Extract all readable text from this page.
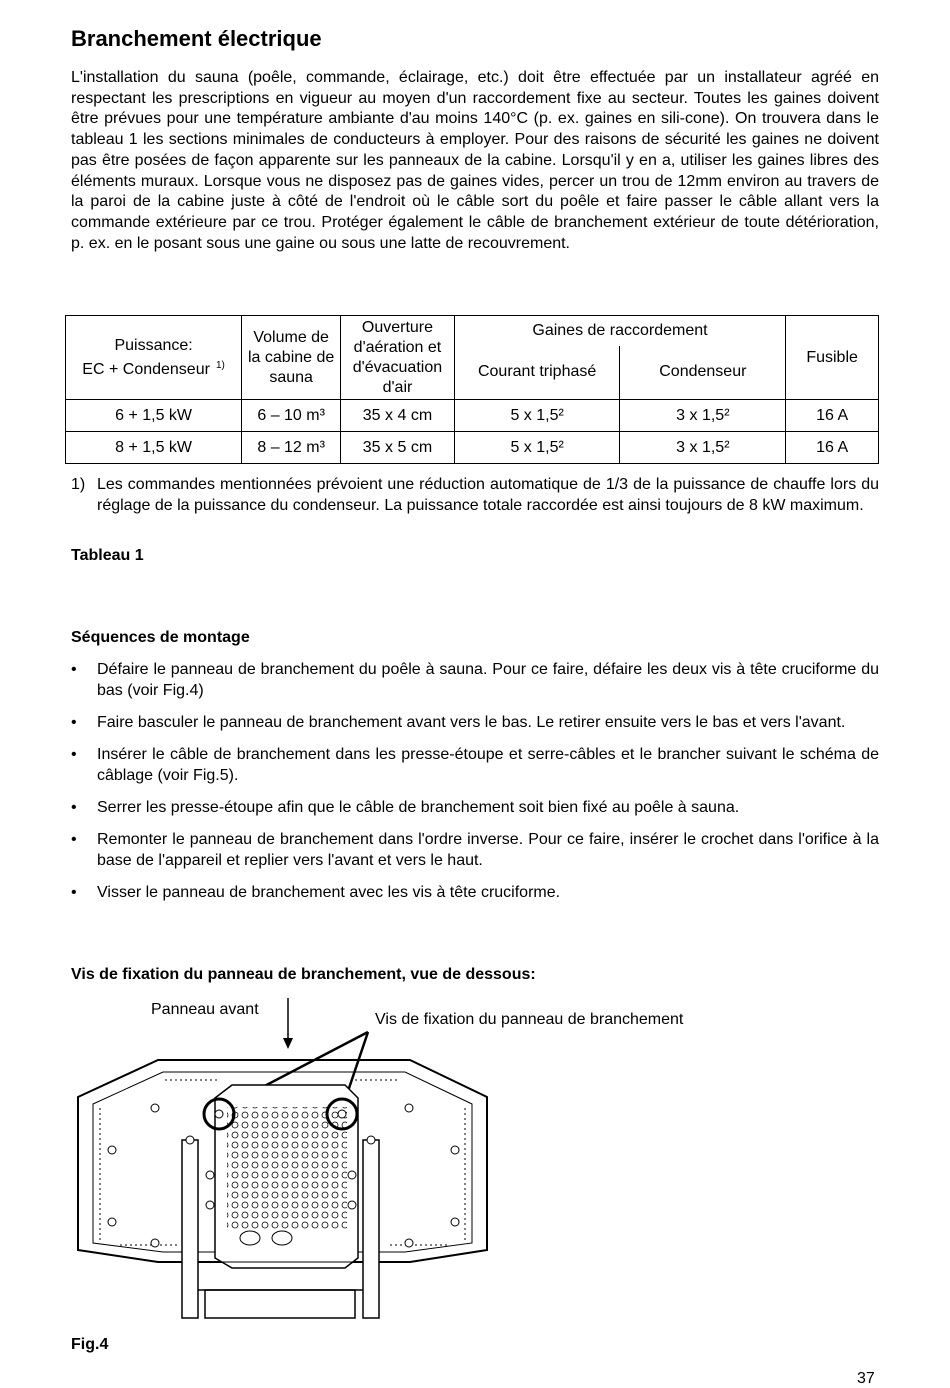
Branchement électrique

L'installation du sauna (poêle, commande, éclairage, etc.) doit être effectuée par un installateur agréé en respectant les prescriptions en vigueur au moyen d'un raccordement fixe au secteur. Toutes les gaines doivent être prévues pour une température ambiante d'au moins 140°C (p. ex. gaines en sili-cone). On trouvera dans le tableau 1 les sections minimales de conducteurs à employer. Pour des raisons de sécurité les gaines ne doivent pas être posées de façon apparente sur les panneaux de la cabine. Lorsqu'il y en a, utiliser les gaines libres des éléments muraux. Lorsque vous ne disposez pas de gaines vides, percer un trou de 12mm environ au travers de la paroi de la cabine juste à côté de l'endroit où le câble sort du poêle et faire passer le câble allant vers la commande extérieure par ce trou. Protéger également le câble de branchement extérieur de toute détérioration, p. ex. en le posant sous une gaine ou sous une latte de recouvrement.

Puissance:
EC + Condenseur $^{1)}$	Volume de la cabine de sauna	Ouverture d'aération et d'évacuation d'air	Gaines de raccordement		Fusible
			Courant triphasé	Condenseur	
6 + 1,5 kW	6 – 10 m³	35 x 4 cm	5 x 1,5²	3 x 1,5²	16 A
8 + 1,5 kW	8 – 12 m³	35 x 5 cm	5 x 1,5²	3 x 1,5²	16 A
1) Les commandes mentionnées prévoient une réduction automatique de 1/3 de la puissance de chauffe lors du réglage de la puissance du condenseur. La puissance totale raccordée est ainsi toujours de 8 kW maximum.

Tableau 1

Séquences de montage

• Défaire le panneau de branchement du poêle à sauna. Pour ce faire, défaire les deux vis à tête cruciforme du bas (voir Fig.4)
• Faire basculer le panneau de branchement avant vers le bas. Le retirer ensuite vers le bas et vers l'avant.
• Insérer le câble de branchement dans les presse-étoupe et serre-câbles et le brancher suivant le schéma de câblage (voir Fig.5).
• Serrer les presse-étoupe afin que le câble de branchement soit bien fixé au poêle à sauna.
• Remonter le panneau de branchement dans l'ordre inverse. Pour ce faire, insérer le crochet dans l'orifice à la base de l'appareil et replier vers l'avant et vers le haut.
• Visser le panneau de branchement avec les vis à tête cruciforme.

Vis de fixation du panneau de branchement, vue de dessous:

Panneau avant
Vis de fixation du panneau de branchement

Fig.4

37
